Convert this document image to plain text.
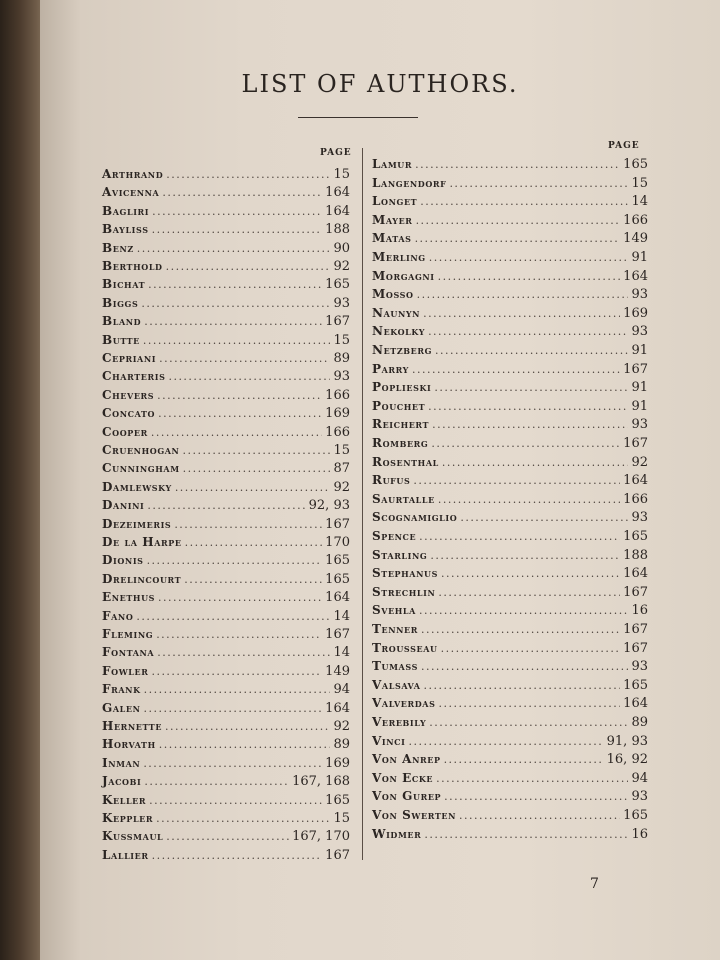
LIST OF AUTHORS.
PAGE
Arthrand . . .	15
Avicenna . . .	164
Bagliri . . .	164
Bayliss . . .	188
Benz . . .	90
Berthold . . .	92
Bichat . . .	165
Biggs . . .	93
Bland . . .	167
Butte . . .	15
Cepriani . . .	89
Charteris . . .	93
Chevers . . .	166
Concato . . .	169
Cooper . . .	166
Cruenhogan . . .	15
Cunningham . . .	87
Damlewsky . . .	92
Danini . . .	92, 93
Dezeimeris . . .	167
De la Harpe . . .	170
Dionis . . .	165
Drelincourt . . .	165
Enethus . . .	164
Fano . . .	14
Fleming . . .	167
Fontana . . .	14
Fowler . . .	149
Frank . . .	94
Galen . . .	164
Hernette . . .	92
Horvath . . .	89
Inman . . .	169
Jacobi . . .	167, 168
Keller . . .	165
Keppler . . .	15
Kussmaul . . .	167, 170
Lallier . . .	167
PAGE
Lamur . . .	165
Langendorf . . .	15
Longet . . .	14
Mayer . . .	166
Matas . . .	149
Merling . . .	91
Morgagni . . .	164
Mosso . . .	93
Naunyn . . .	169
Nekolky . . .	93
Netzberg . . .	91
Parry . . .	167
Poplieski . . .	91
Pouchet . . .	91
Reichert . . .	93
Romberg . . .	167
Rosenthal . . .	92
Rufus . . .	164
Saurtalle . . .	166
Scognamiglio . . .	93
Spence . . .	165
Starling . . .	188
Stephanus . . .	164
Strechlin . . .	167
Svehla . . .	16
Tenner . . .	167
Trousseau . . .	167
Tumass . . .	93
Valsava . . .	165
Valverdas . . .	164
Verebily . . .	89
Vinci . . .	91, 93
Von Anrep . . .	16, 92
Von Ecke . . .	94
Von Gurep . . .	93
Von Swerten . . .	165
Widmer . . .	16
7
